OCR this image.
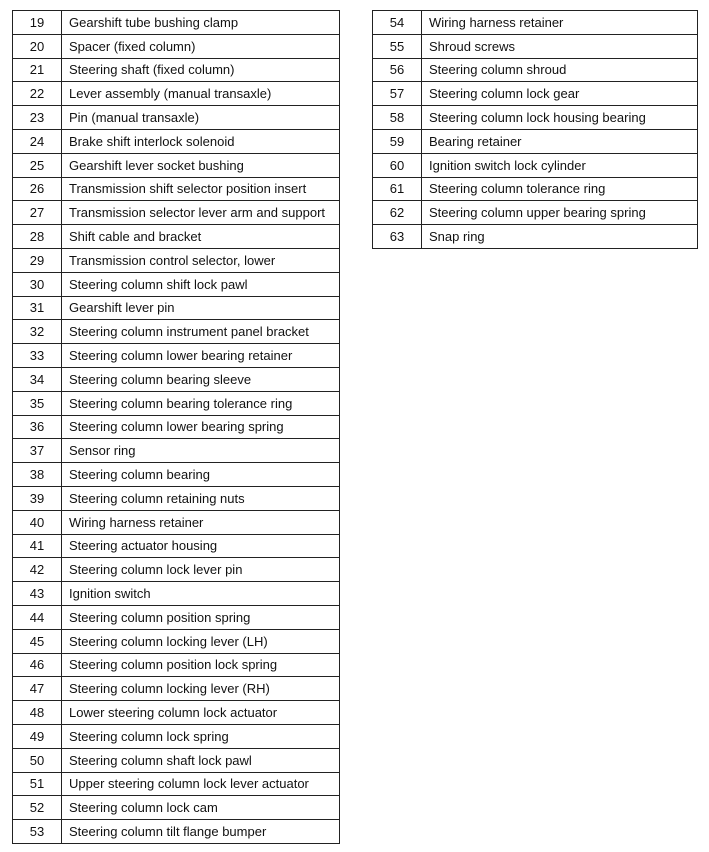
19	Gearshift tube bushing clamp
20	Spacer (fixed column)
21	Steering shaft (fixed column)
22	Lever assembly (manual transaxle)
23	Pin (manual transaxle)
24	Brake shift interlock solenoid
25	Gearshift lever socket bushing
26	Transmission shift selector position insert
27	Transmission selector lever arm and support
28	Shift cable and bracket
29	Transmission control selector, lower
30	Steering column shift lock pawl
31	Gearshift lever pin
32	Steering column instrument panel bracket
33	Steering column lower bearing retainer
34	Steering column bearing sleeve
35	Steering column bearing tolerance ring
36	Steering column lower bearing spring
37	Sensor ring
38	Steering column bearing
39	Steering column retaining nuts
40	Wiring harness retainer
41	Steering actuator housing
42	Steering column lock lever pin
43	Ignition switch
44	Steering column position spring
45	Steering column locking lever (LH)
46	Steering column position lock spring
47	Steering column locking lever (RH)
48	Lower steering column lock actuator
49	Steering column lock spring
50	Steering column shaft lock pawl
51	Upper steering column lock lever actuator
52	Steering column lock cam
53	Steering column tilt flange bumper
54	Wiring harness retainer
55	Shroud screws
56	Steering column shroud
57	Steering column lock gear
58	Steering column lock housing bearing
59	Bearing retainer
60	Ignition switch lock cylinder
61	Steering column tolerance ring
62	Steering column upper bearing spring
63	Snap ring
